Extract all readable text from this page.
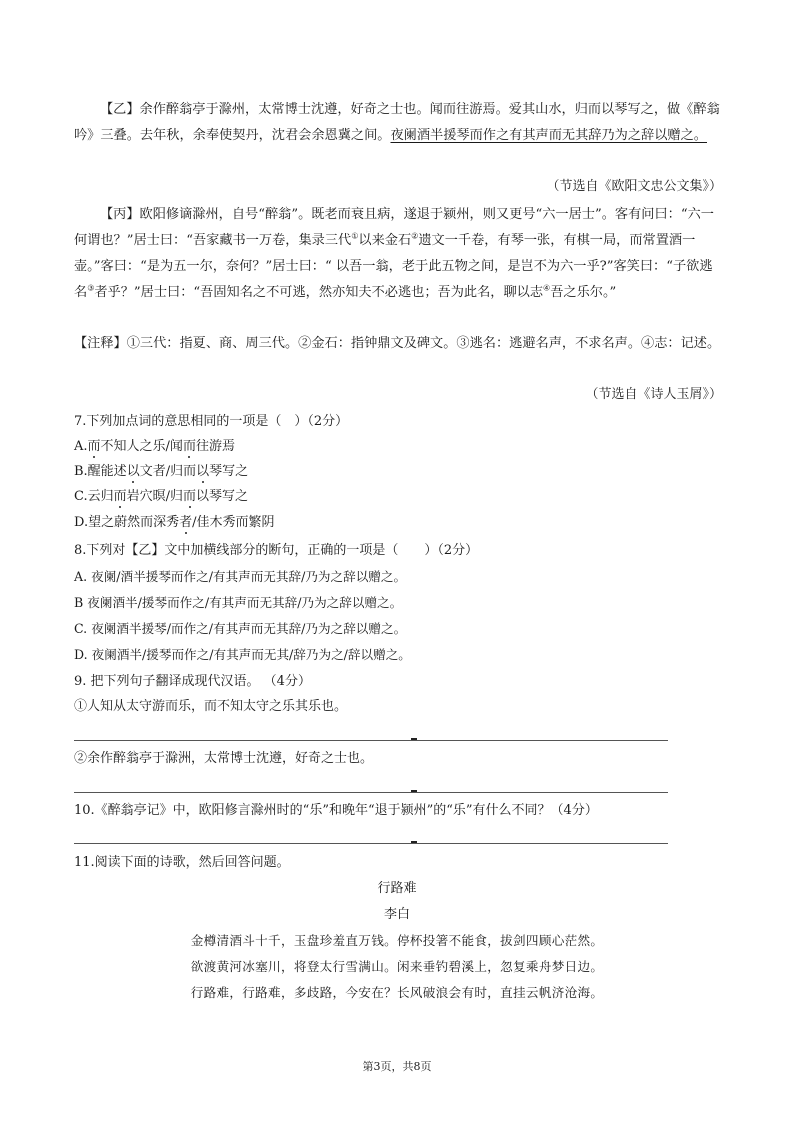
【乙】余作醉翁亭于滁州，太常博士沈遵，好奇之士也。闻而往游焉。爱其山水，归而以琴写之，做《醉翁吟》三叠。去年秋，余奉使契丹，沈君会余恩冀之间。夜阑酒半援琴而作之有其声而无其辞乃为之辞以赠之。

（节选自《欧阳文忠公文集》）

【丙】欧阳修谪滁州，自号“醉翁”。既老而衰且病，遂退于颍州，则又更号“六一居士”。客有问曰：“六一何谓也？”居士曰：“吾家藏书一万卷，集录三代①以来金石②遗文一千卷，有琴一张，有棋一局，而常置酒一壶。”客曰：“是为五一尔，奈何？”居士曰：“ 以吾一翁，老于此五物之间，是岂不为六一乎?”客笑曰：“子欲逃名③者乎？”居士曰：“吾固知名之不可逃，然亦知夫不必逃也；吾为此名，聊以志④吾之乐尔。”

【注释】①三代：指夏、商、周三代。②金石：指钟鼎文及碑文。③逃名：逃避名声，不求名声。④志：记述。

（节选自《诗人玉屑》）
7.下列加点词的意思相同的一项是（　）（2分）
A.而不知人之乐/闻而往游焉
B.醒能述以文者/归而以琴写之
C.云归而岩穴暝/归而以琴写之
D.望之蔚然而深秀者/佳木秀而繁阴
8.下列对【乙】文中加横线部分的断句，正确的一项是（　　）（2分）
A. 夜阑/酒半援琴而作之/有其声而无其辞/乃为之辞以赠之。
B 夜阑酒半/援琴而作之/有其声而无其辞/乃为之辞以赠之。
C. 夜阑酒半援琴/而作之/有其声而无其辞/乃为之辞以赠之。
D. 夜阑酒半/援琴而作之/有其声而无其/辞乃为之/辞以赠之。
9. 把下列句子翻译成现代汉语。 （4分）
①人知从太守游而乐，而不知太守之乐其乐也。
②余作醉翁亭于滁洲，太常博士沈遵，好奇之士也。
10.《醉翁亭记》中，欧阳修言滁州时的“乐”和晚年“退于颍州”的“乐”有什么不同？（4分）
11.阅读下面的诗歌，然后回答问题。
行路难
李白
金樽清酒斗十千，玉盘珍羞直万钱。停杯投箸不能食，拔剑四顾心茫然。
欲渡黄河冰塞川，将登太行雪满山。闲来垂钓碧溪上，忽复乘舟梦日边。
行路难，行路难，多歧路，今安在？长风破浪会有时，直挂云帆济沧海。
第3页，共8页
